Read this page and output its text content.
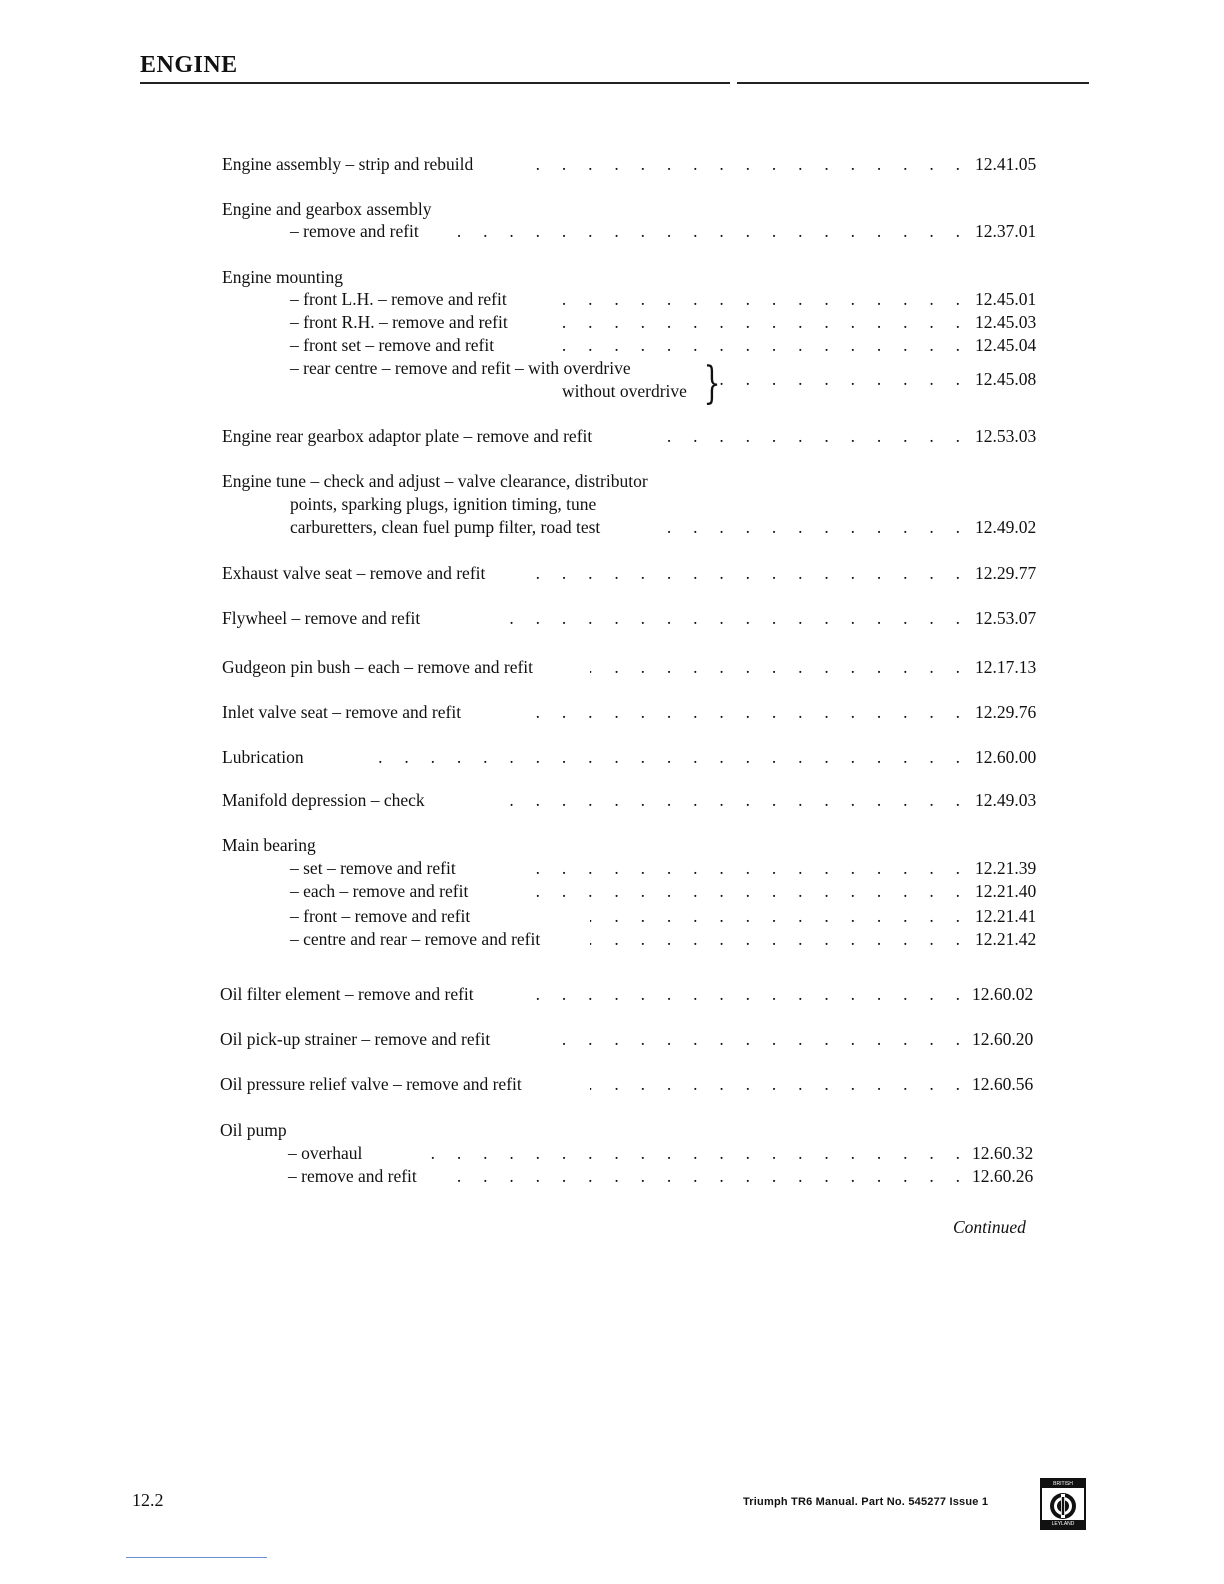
ENGINE
Engine assembly – strip and rebuild .  . 	12.41.05
Engine and gearbox assembly
– remove and refit .  . 	12.37.01
Engine mounting
– front L.H. – remove and refit .  . 	12.45.01
– front R.H. – remove and refit .  . 	12.45.03
– front set – remove and refit .  . 	12.45.04
– rear centre – remove and refit – with overdrive
without overdrive } .  . 	12.45.08
Engine rear gearbox adaptor plate – remove and refit .  . 	12.53.03
Engine tune – check and adjust – valve clearance, distributor
points, sparking plugs, ignition timing, tune
carburetters, clean fuel pump filter, road test .  . 	12.49.02
Exhaust valve seat – remove and refit .  . 	12.29.77
Flywheel – remove and refit .  . 	12.53.07
Gudgeon pin bush – each – remove and refit .  . 	12.17.13
Inlet valve seat – remove and refit .  . 	12.29.76
Lubrication .  . 	12.60.00
Manifold depression – check .  . 	12.49.03
Main bearing
– set – remove and refit .  . 	12.21.39
– each – remove and refit .  . 	12.21.40
– front – remove and refit .  . 	12.21.41
– centre and rear – remove and refit .  . 	12.21.42
Oil filter element – remove and refit .  . 	12.60.02
Oil pick-up strainer – remove and refit .  . 	12.60.20
Oil pressure relief valve – remove and refit .  . 	12.60.56
Oil pump
– overhaul .  . 	12.60.32
– remove and refit .  . 	12.60.26
Continued
12.2	Triumph TR6 Manual. Part No. 545277 Issue 1
BRITISH
LEYLAND
